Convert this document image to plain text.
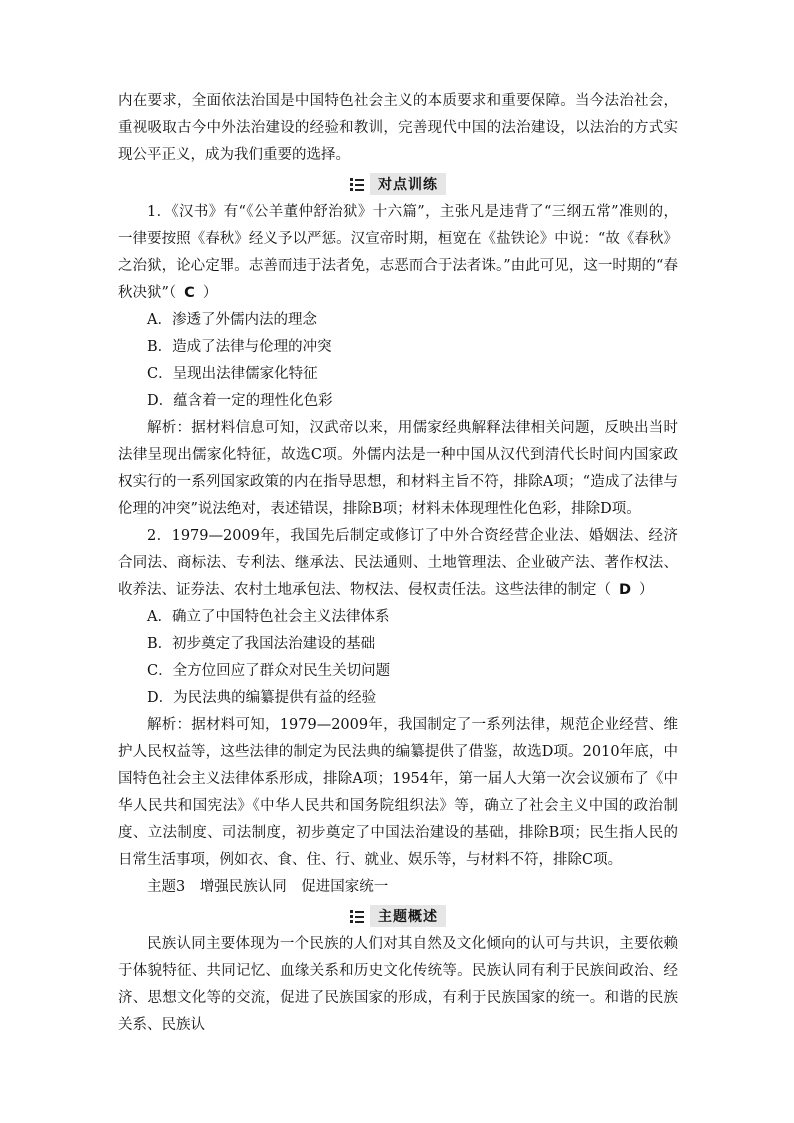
内在要求，全面依法治国是中国特色社会主义的本质要求和重要保障。当今法治社会，重视吸取古今中外法治建设的经验和教训，完善现代中国的法治建设，以法治的方式实现公平正义，成为我们重要的选择。

对点训练

1．《汉书》有“《公羊董仲舒治狱》十六篇”，主张凡是违背了“三纲五常”准则的，一律要按照《春秋》经义予以严惩。汉宣帝时期，桓宽在《盐铁论》中说：“故《春秋》之治狱，论心定罪。志善而违于法者免，志恶而合于法者诛。”由此可见，这一时期的“春秋决狱”（ C ）

A．渗透了外儒内法的理念

B．造成了法律与伦理的冲突

C．呈现出法律儒家化特征

D．蕴含着一定的理性化色彩

解析：据材料信息可知，汉武帝以来，用儒家经典解释法律相关问题，反映出当时法律呈现出儒家化特征，故选C项。外儒内法是一种中国从汉代到清代长时间内国家政权实行的一系列国家政策的内在指导思想，和材料主旨不符，排除A项；“造成了法律与伦理的冲突”说法绝对，表述错误，排除B项；材料未体现理性化色彩，排除D项。

2．1979—2009年，我国先后制定或修订了中外合资经营企业法、婚姻法、经济合同法、商标法、专利法、继承法、民法通则、土地管理法、企业破产法、著作权法、收养法、证券法、农村土地承包法、物权法、侵权责任法。这些法律的制定（ D ）

A．确立了中国特色社会主义法律体系

B．初步奠定了我国法治建设的基础

C．全方位回应了群众对民生关切问题

D．为民法典的编纂提供有益的经验

解析：据材料可知，1979—2009年，我国制定了一系列法律，规范企业经营、维护人民权益等，这些法律的制定为民法典的编纂提供了借鉴，故选D项。2010年底，中国特色社会主义法律体系形成，排除A项；1954年，第一届人大第一次会议颁布了《中华人民共和国宪法》《中华人民共和国务院组织法》等，确立了社会主义中国的政治制度、立法制度、司法制度，初步奠定了中国法治建设的基础，排除B项；民生指人民的日常生活事项，例如衣、食、住、行、就业、娱乐等，与材料不符，排除C项。

主题3　增强民族认同　促进国家统一

主题概述

民族认同主要体现为一个民族的人们对其自然及文化倾向的认可与共识，主要依赖于体貌特征、共同记忆、血缘关系和历史文化传统等。民族认同有利于民族间政治、经济、思想文化等的交流，促进了民族国家的形成，有利于民族国家的统一。和谐的民族关系、民族认
